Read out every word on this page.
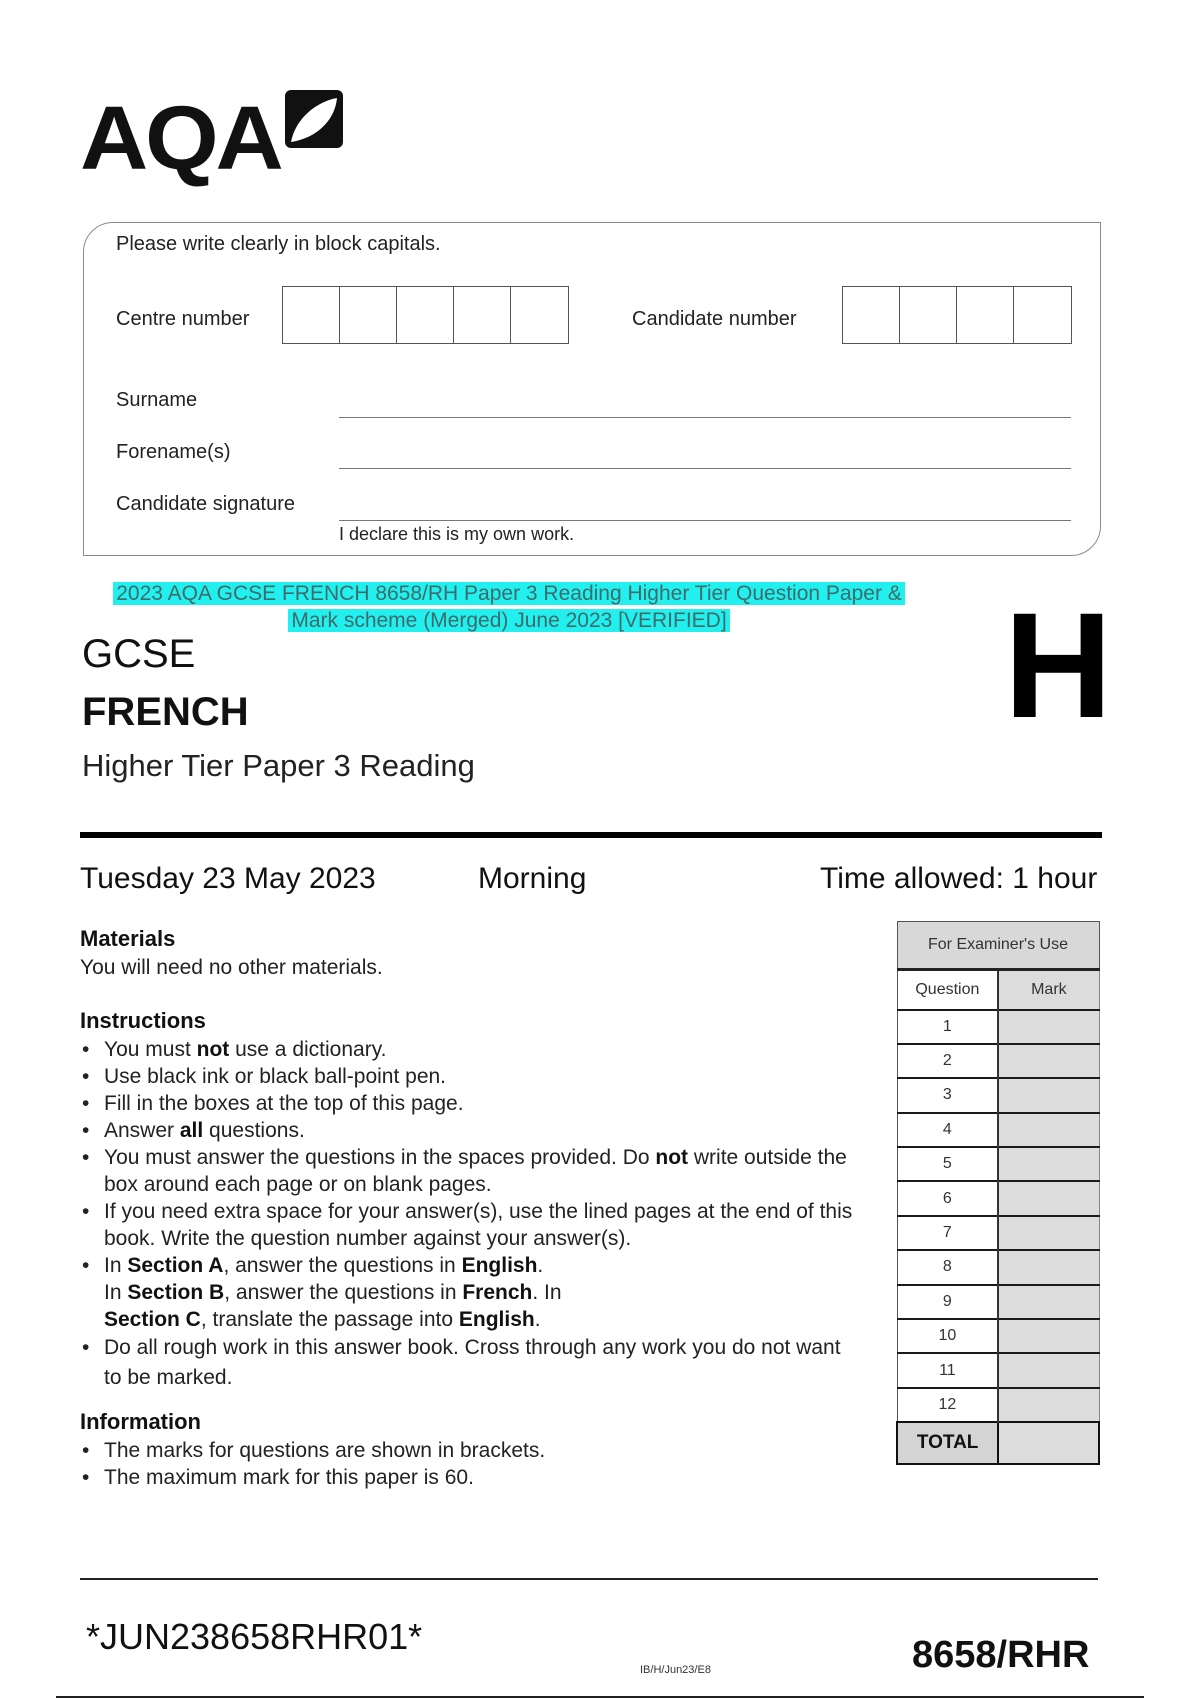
AQA
Please write clearly in block capitals.
Centre number	Candidate number
Surname
Forename(s)
Candidate signature
I declare this is my own work.
2023 AQA GCSE FRENCH 8658/RH Paper 3 Reading Higher Tier Question Paper &
Mark scheme (Merged) June 2023 [VERIFIED]
GCSE
FRENCH
Higher Tier Paper 3 Reading
H
Tuesday 23 May 2023	Morning	Time allowed: 1 hour
Materials

You will need no other materials.

Instructions
• You must not use a dictionary.
• Use black ink or black ball-point pen.
• Fill in the boxes at the top of this page.
• Answer all questions.
• You must answer the questions in the spaces provided. Do not write outside the box around each page or on blank pages.
• If you need extra space for your answer(s), use the lined pages at the end of this book. Write the question number against your answer(s).
• In Section A, answer the questions in English.
In Section B, answer the questions in French. In
Section C, translate the passage into English.
• Do all rough work in this answer book. Cross through any work you do not want to be marked.
Information
• The marks for questions are shown in brackets.
• The maximum mark for this paper is 60.
For Examiner's Use	
Question	Mark
1	
2	
3	
4	
5	
6	
7	
8	
9	
10	
11	
12	
TOTAL	
*JUN238658RHR01*
IB/H/Jun23/E8	8658/RHR
